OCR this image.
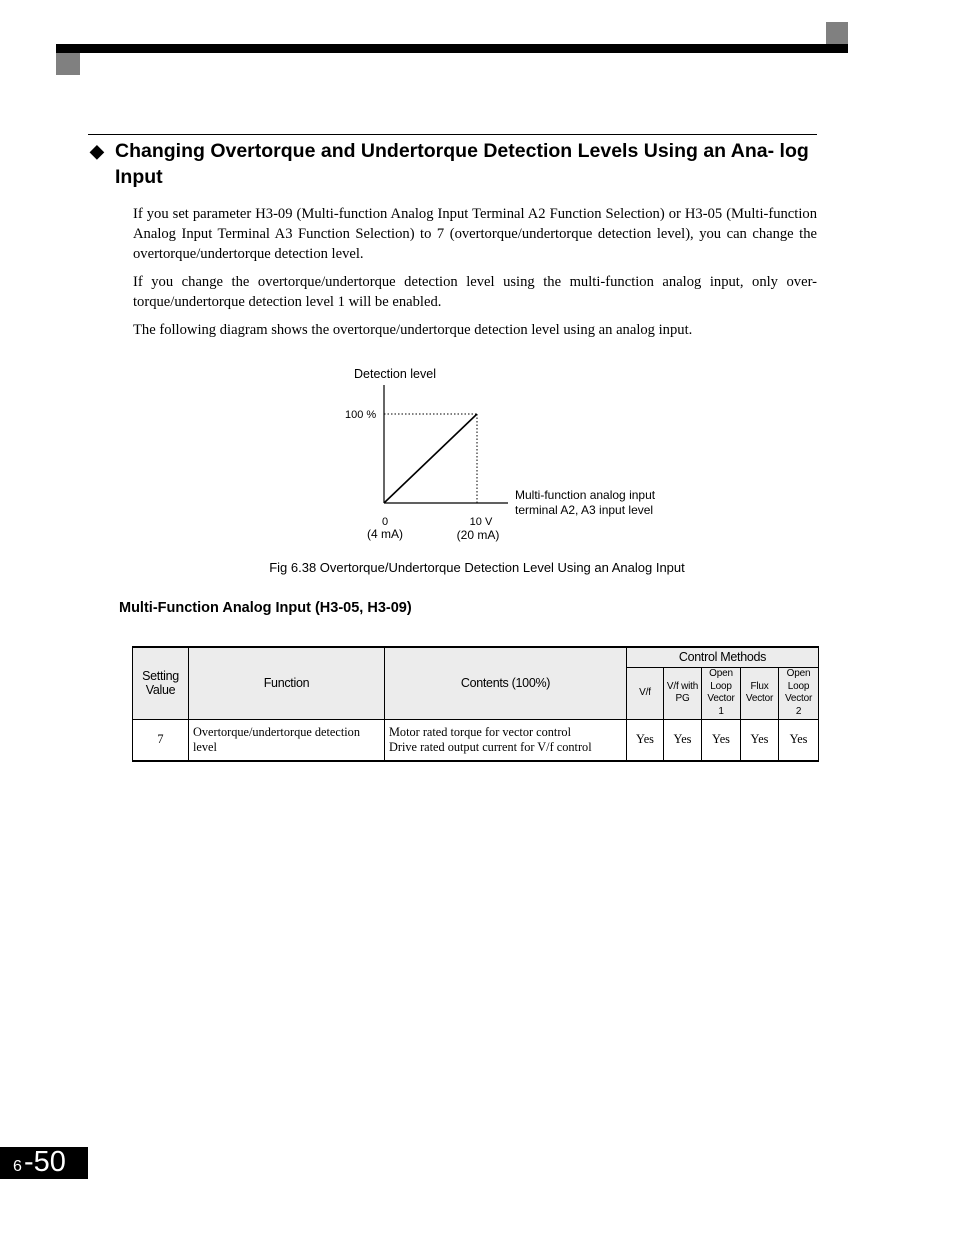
◆ Changing Overtorque and Undertorque Detection Levels Using an Ana- log Input

If you set parameter H3-09 (Multi-function Analog Input Terminal A2 Function Selection) or H3-05 (Multi-function Analog Input Terminal A3 Function Selection) to 7 (overtorque/undertorque detection level), you can change the overtorque/undertorque detection level.

If you change the overtorque/undertorque detection level using the multi-function analog input, only over-torque/undertorque detection level 1 will be enabled.

The following diagram shows the overtorque/undertorque detection level using an analog input.

Detection level
100 %
0
(4 mA)
10 V
(20 mA)
Multi-function analog input
terminal A2, A3 input level
Fig 6.38 Overtorque/Undertorque Detection Level Using an Analog Input
Multi-Function Analog Input (H3-05, H3-09)
Setting Value	Function	Contents (100%)	Control Methods				
			V/f	V/f with PG	Open Loop Vector 1	Flux Vector	Open Loop Vector 2
7	Overtorque/undertorque detection level	Motor rated torque for vector control
Drive rated output current for V/f control	Yes	Yes	Yes	Yes	Yes
6 -50
